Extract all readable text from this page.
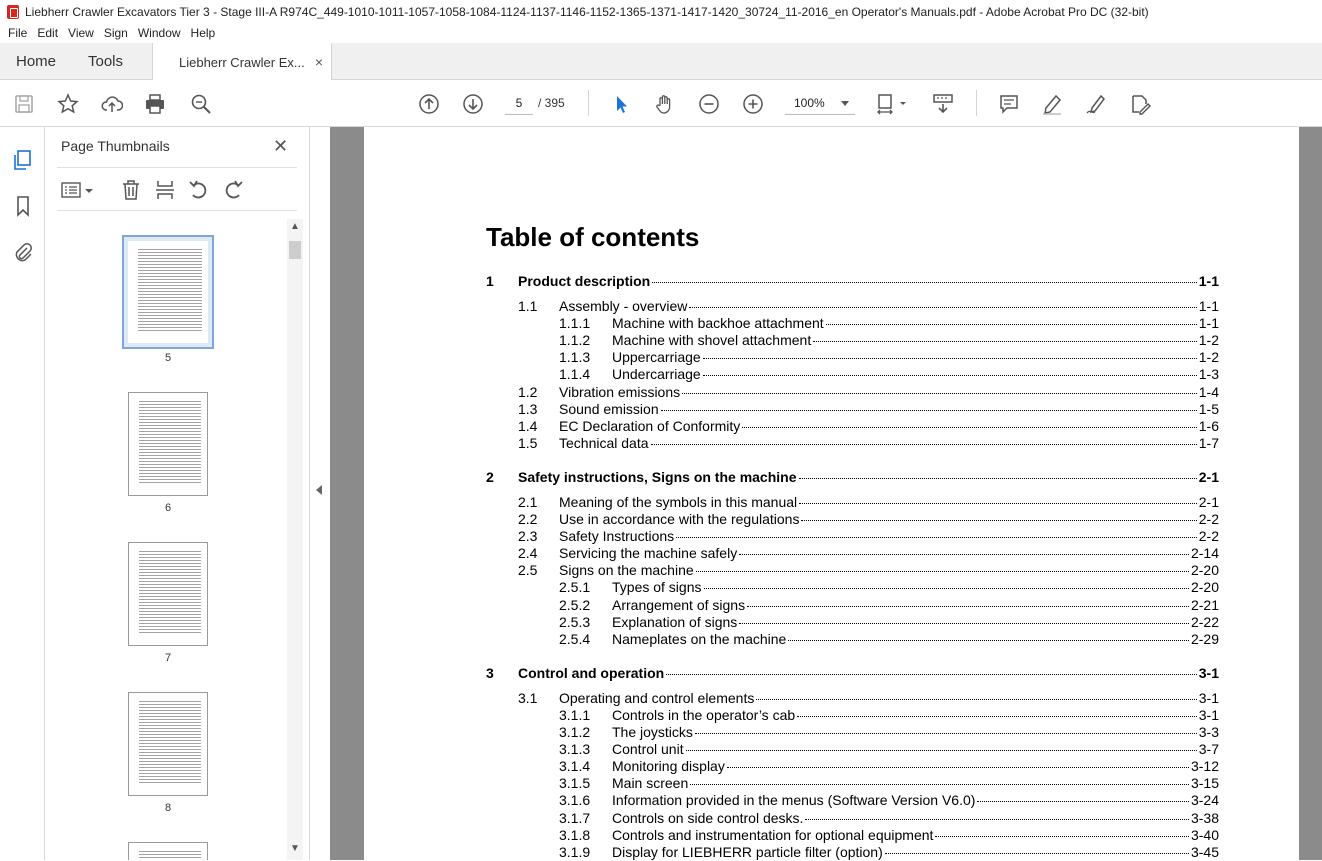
Liebherr Crawler Excavators Tier 3 - Stage III-A R974C_449-1010-1011-1057-1058-1084-1124-1137-1146-1152-1365-1371-1417-1420_30724_11-2016_en Operator's Manuals.pdf - Adobe Acrobat Pro DC (32-bit)
File Edit View Sign Window Help
Home Tools	Liebherr Crawler Ex... ×
5	/ 395	100%
Page Thumbnails	✕
5
6
7
8
▲
▼
Table of contents
1 Product description	1-1
1.1 Assembly - overview	1-1
1.1.1 Machine with backhoe attachment	1-1
1.1.2 Machine with shovel attachment	1-2
1.1.3 Uppercarriage	1-2
1.1.4 Undercarriage	1-3
1.2 Vibration emissions	1-4
1.3 Sound emission	1-5
1.4 EC Declaration of Conformity	1-6
1.5 Technical data	1-7
2 Safety instructions, Signs on the machine	2-1
2.1 Meaning of the symbols in this manual	2-1
2.2 Use in accordance with the regulations	2-2
2.3 Safety Instructions	2-2
2.4 Servicing the machine safely	2-14
2.5 Signs on the machine	2-20
2.5.1 Types of signs	2-20
2.5.2 Arrangement of signs	2-21
2.5.3 Explanation of signs	2-22
2.5.4 Nameplates on the machine	2-29
3 Control and operation	3-1
3.1 Operating and control elements	3-1
3.1.1 Controls in the operator’s cab	3-1
3.1.2 The joysticks	3-3
3.1.3 Control unit	3-7
3.1.4 Monitoring display	3-12
3.1.5 Main screen	3-15
3.1.6 Information provided in the menus (Software Version V6.0)	3-24
3.1.7 Controls on side control desks.	3-38
3.1.8 Controls and instrumentation for optional equipment	3-40
3.1.9 Display for LIEBHERR particle filter (option)	3-45
